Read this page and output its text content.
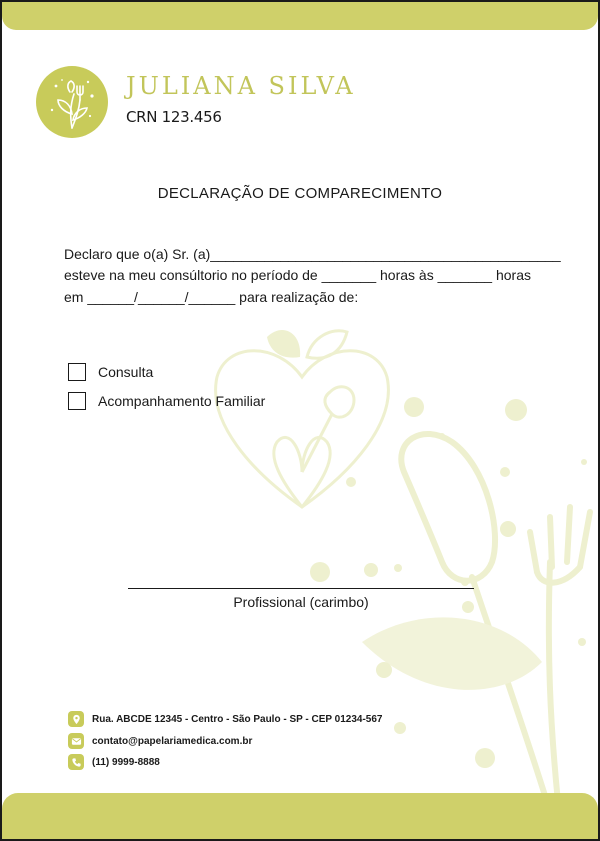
JULIANA SILVA
CRN 123.456
DECLARAÇÃO DE COMPARECIMENTO
Declaro que o(a) Sr. (a)_____________________________________________
esteve na meu consúltorio no período de _______ horas às _______ horas
em ______/______/______ para realização de:
Consulta
Acompanhamento Familiar
Profissional (carimbo)
Rua. ABCDE 12345 - Centro - São Paulo - SP - CEP 01234-567
contato@papelariamedica.com.br
(11) 9999-8888
